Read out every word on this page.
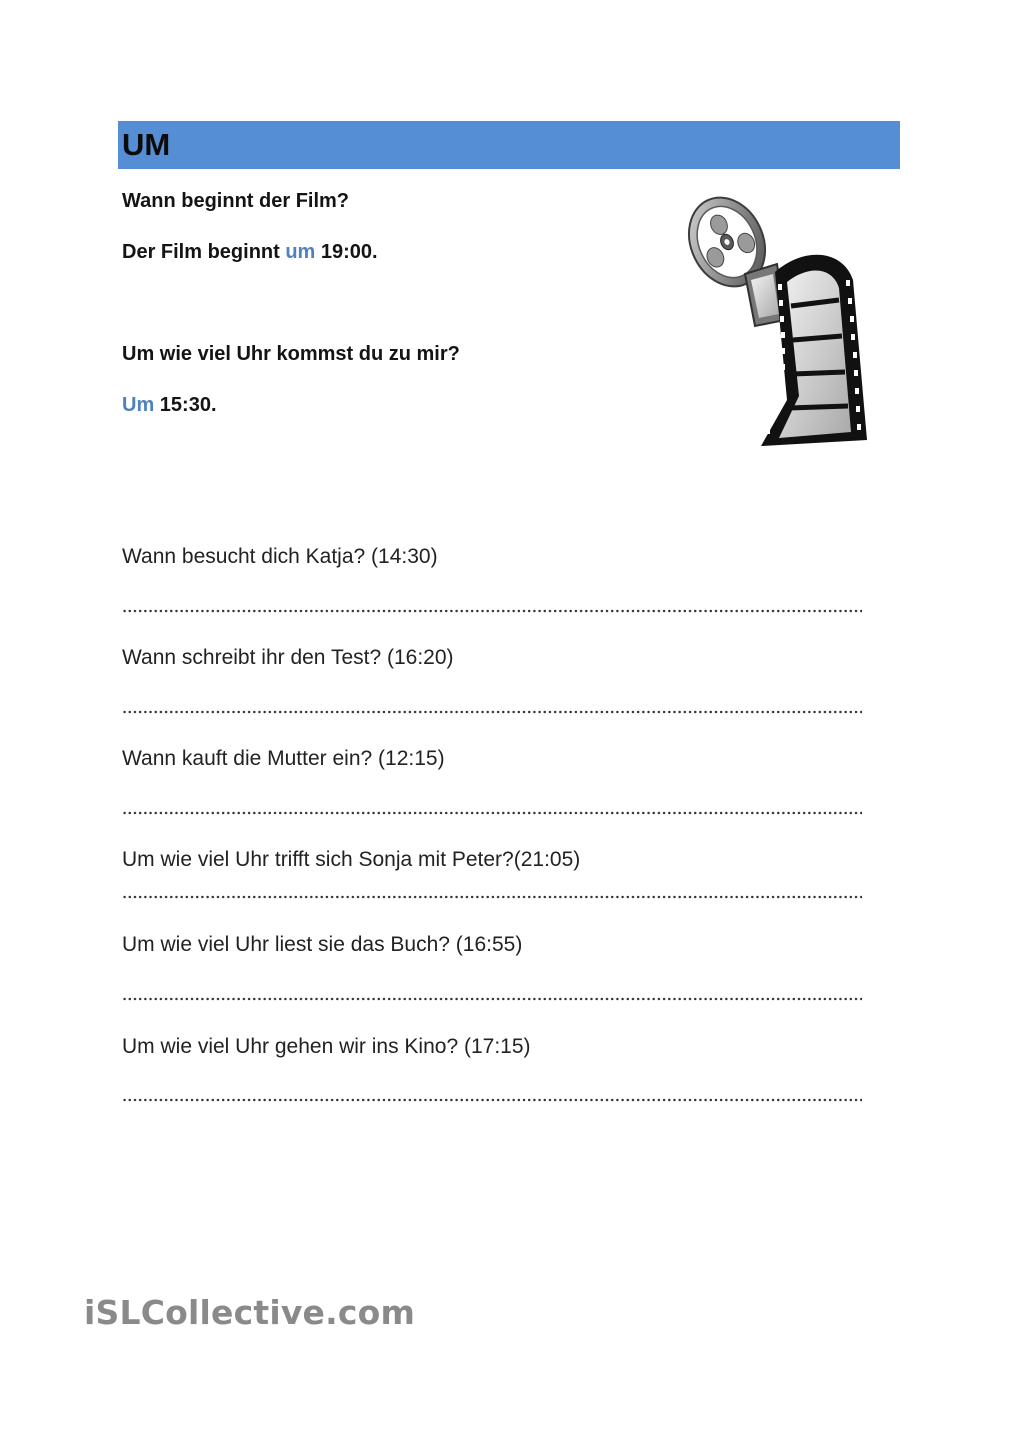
UM
Wann beginnt der Film?
Der Film beginnt um 19:00.
Um wie viel Uhr kommst du zu mir?
Um 15:30.
Wann besucht dich Katja? (14:30)
Wann schreibt ihr den Test? (16:20)
Wann kauft die Mutter ein? (12:15)
Um wie viel Uhr trifft sich Sonja mit Peter?(21:05)
Um wie viel Uhr liest sie das Buch? (16:55)
Um wie viel Uhr gehen wir ins Kino? (17:15)
iSLCollective.com
